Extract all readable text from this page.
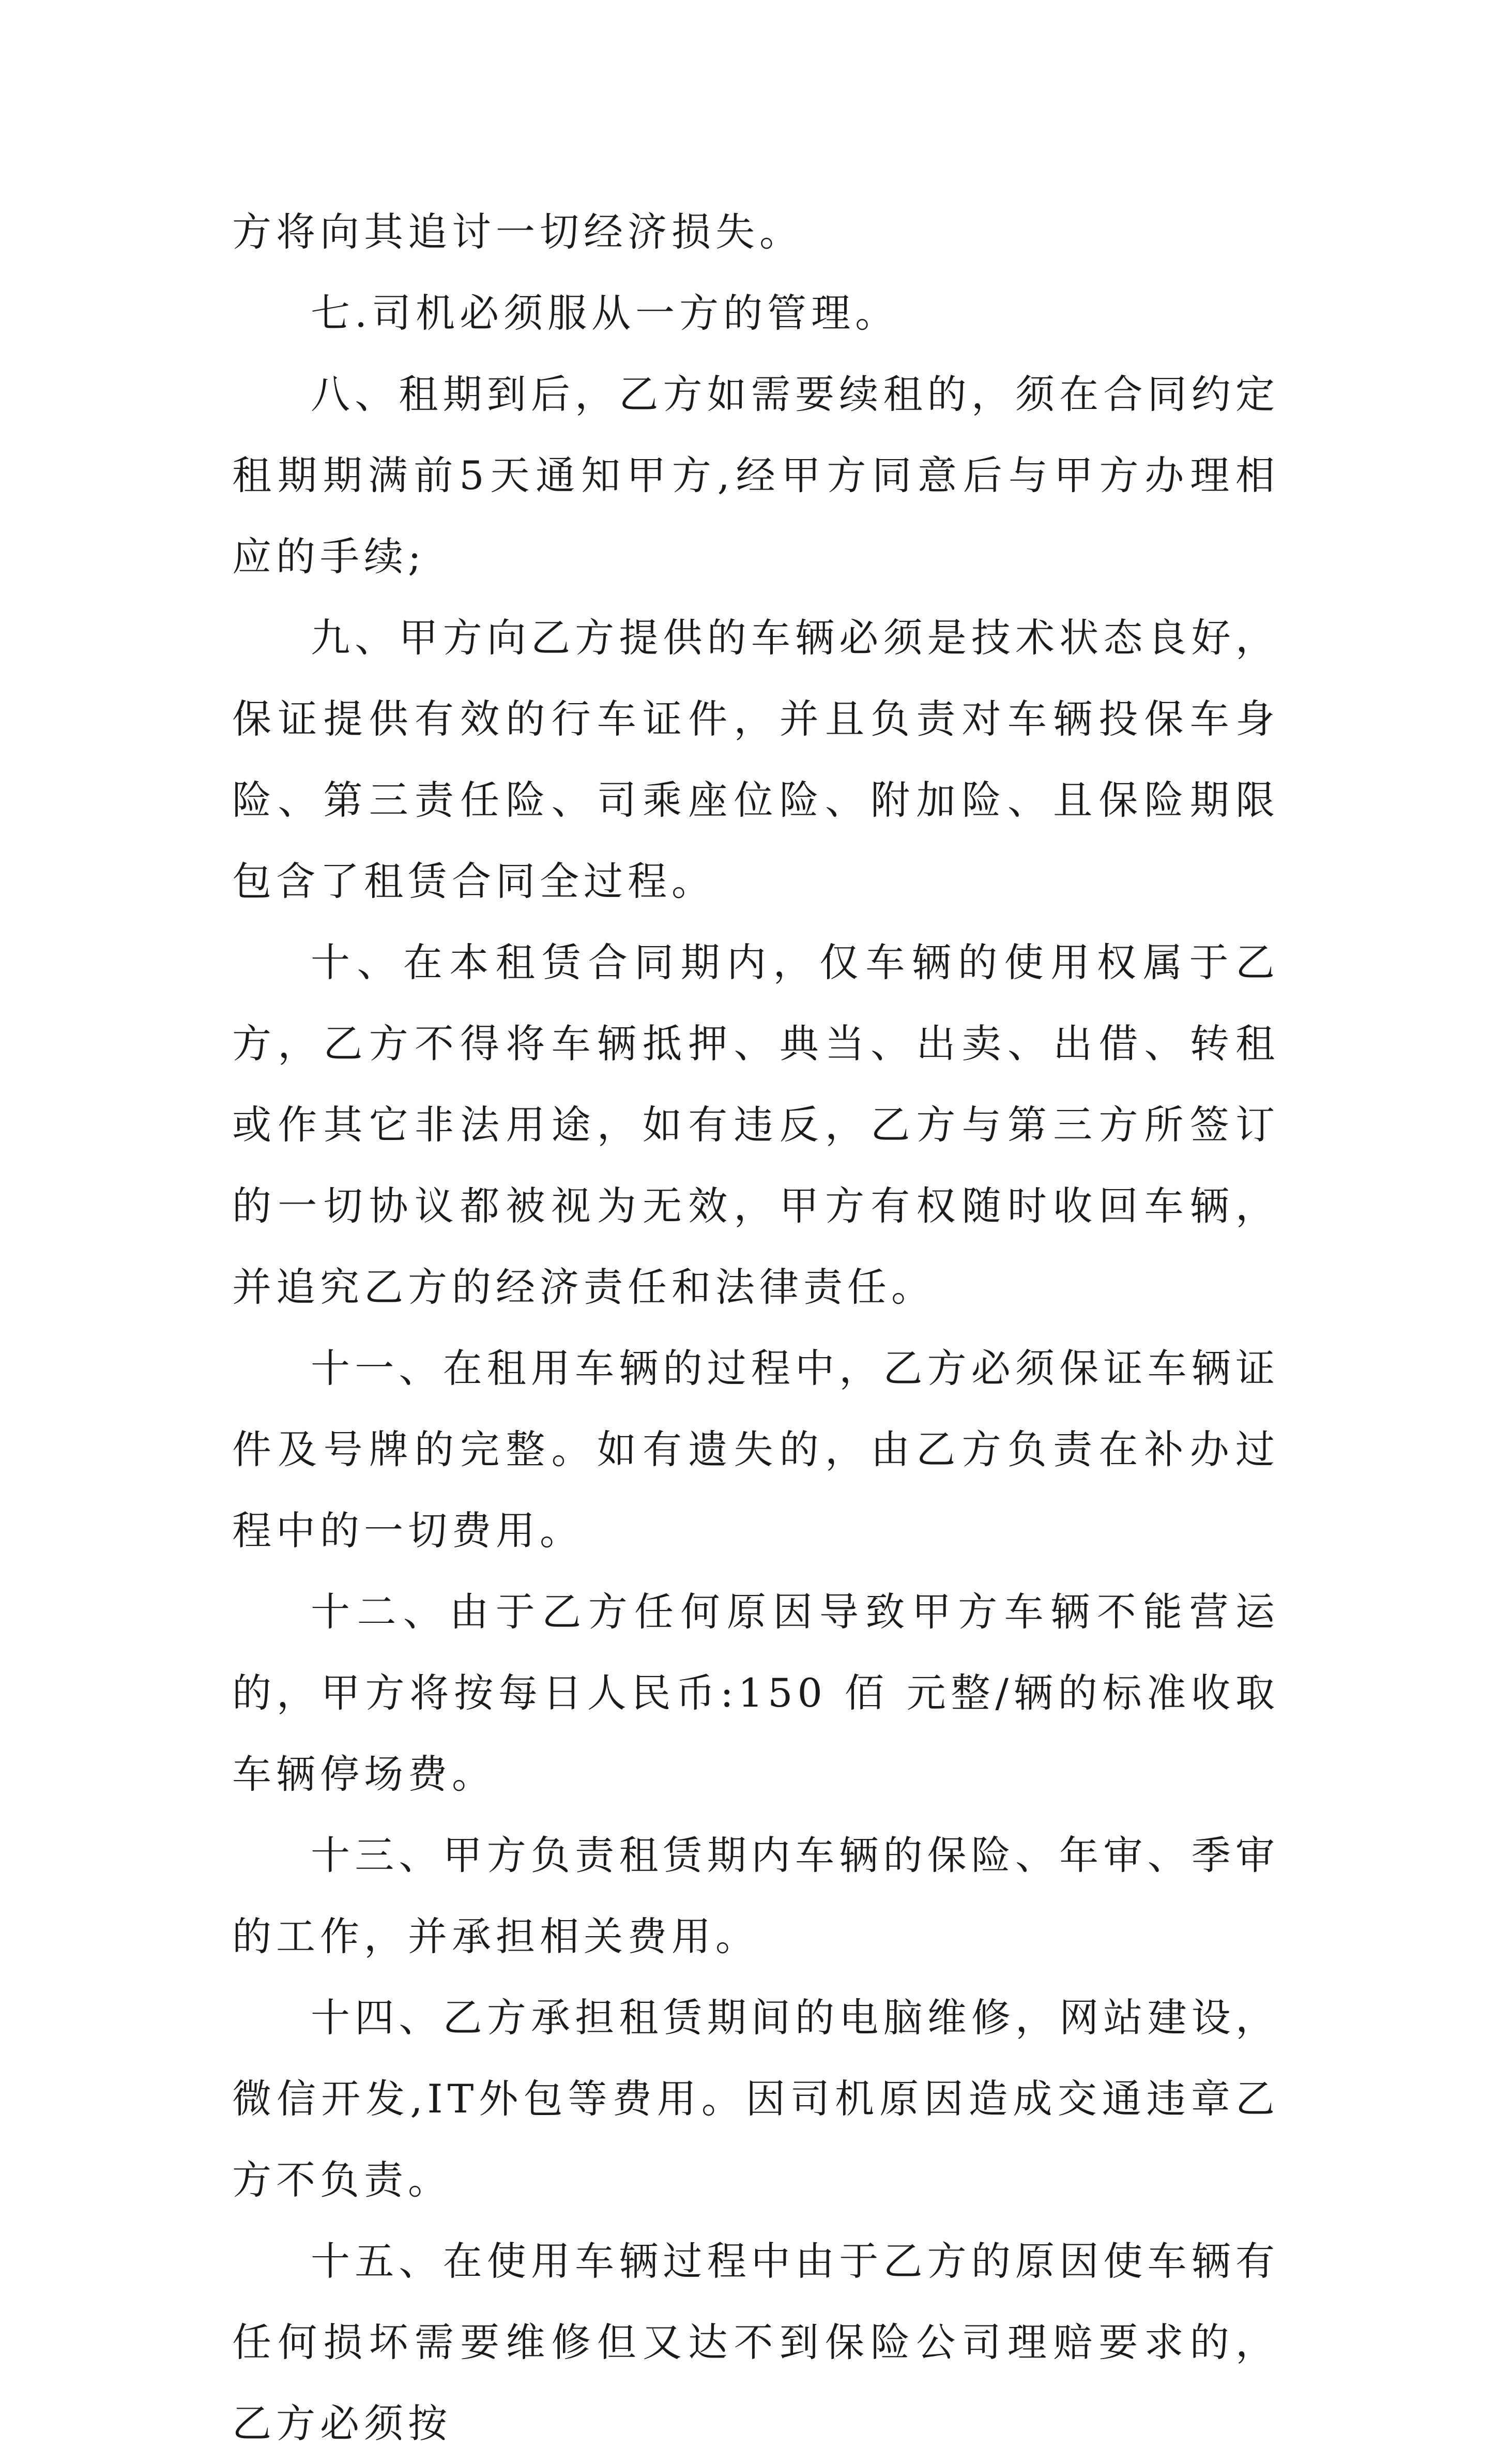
方将向其追讨一切经济损失。

七.司机必须服从一方的管理。

八、租期到后，乙方如需要续租的，须在合同约定租期期满前5天通知甲方,经甲方同意后与甲方办理相应的手续;

九、甲方向乙方提供的车辆必须是技术状态良好，保证提供有效的行车证件，并且负责对车辆投保车身险、第三责任险、司乘座位险、附加险、且保险期限包含了租赁合同全过程。

十、在本租赁合同期内，仅车辆的使用权属于乙方，乙方不得将车辆抵押、典当、出卖、出借、转租或作其它非法用途，如有违反，乙方与第三方所签订的一切协议都被视为无效，甲方有权随时收回车辆，并追究乙方的经济责任和法律责任。

十一、在租用车辆的过程中，乙方必须保证车辆证件及号牌的完整。如有遗失的，由乙方负责在补办过程中的一切费用。

十二、由于乙方任何原因导致甲方车辆不能营运的，甲方将按每日人民币:150 佰 元整/辆的标准收取车辆停场费。

十三、甲方负责租赁期内车辆的保险、年审、季审的工作，并承担相关费用。

十四、乙方承担租赁期间的电脑维修，网站建设，微信开发,IT外包等费用。因司机原因造成交通违章乙方不负责。

十五、在使用车辆过程中由于乙方的原因使车辆有任何损坏需要维修但又达不到保险公司理赔要求的，乙方必须按
